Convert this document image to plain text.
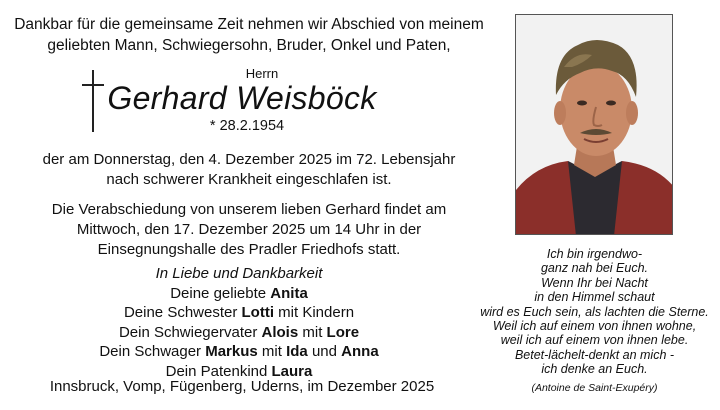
Dankbar für die gemeinsame Zeit nehmen wir Abschied von meinem
geliebten Mann, Schwiegersohn, Bruder, Onkel und Paten,
Herrn
Gerhard Weisböck
* 28.2.1954
der am Donnerstag, den 4. Dezember 2025 im 72. Lebensjahr
nach schwerer Krankheit eingeschlafen ist.
Die Verabschiedung von unserem lieben Gerhard findet am
Mittwoch, den 17. Dezember 2025 um 14 Uhr in der
Einsegnungshalle des Pradler Friedhofs statt.
In Liebe und Dankbarkeit
Deine geliebte Anita
Deine Schwester Lotti mit Kindern
Dein Schwiegervater Alois mit Lore
Dein Schwager Markus mit Ida und Anna
Dein Patenkind Laura
Innsbruck, Vomp, Fügenberg, Uderns, im Dezember 2025
Ich bin irgendwo-
ganz nah bei Euch.
Wenn Ihr bei Nacht
in den Himmel schaut
wird es Euch sein, als lachten die Sterne.
Weil ich auf einem von ihnen wohne,
weil ich auf einem von ihnen lebe.
Betet-lächelt-denkt an mich -
ich denke an Euch.
(Antoine de Saint-Exupéry)
